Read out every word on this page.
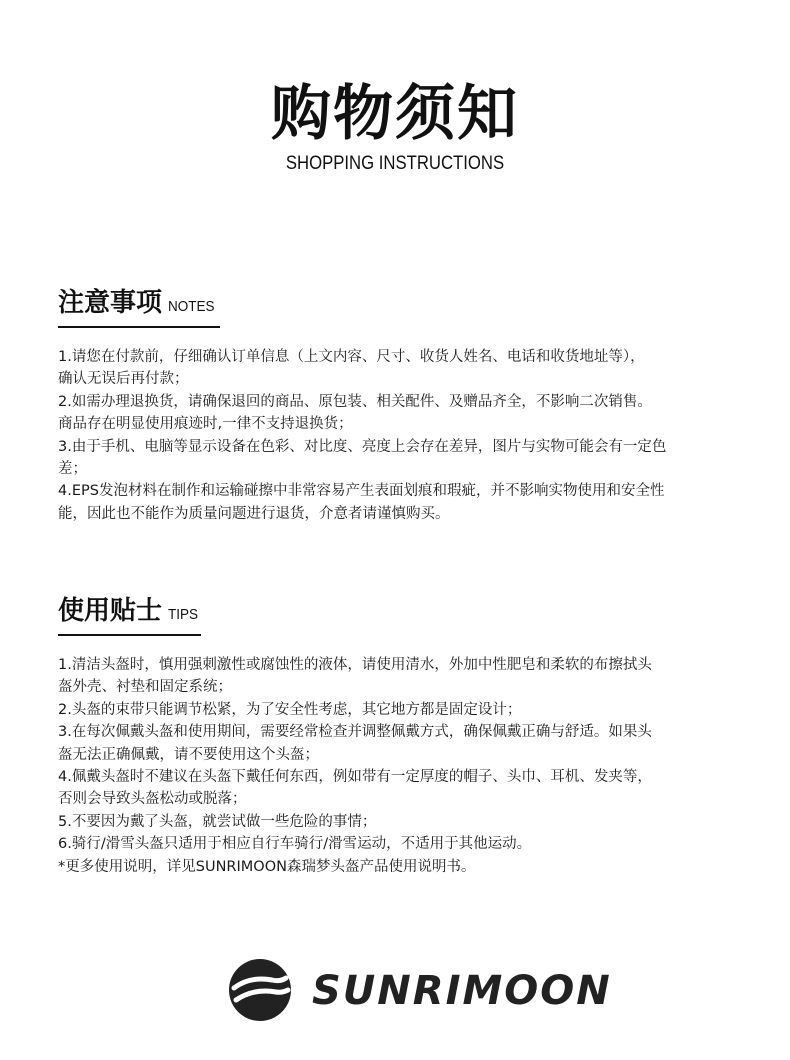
购物须知
SHOPPING INSTRUCTIONS
注意事项 NOTES

1.请您在付款前，仔细确认订单信息（上文内容、尺寸、收货人姓名、电话和收货地址等），

确认无误后再付款；

2.如需办理退换货，请确保退回的商品、原包装、相关配件、及赠品齐全，不影响二次销售。

商品存在明显使用痕迹时,一律不支持退换货；

3.由于手机、电脑等显示设备在色彩、对比度、亮度上会存在差异，图片与实物可能会有一定色

差；

4.EPS发泡材料在制作和运输碰擦中非常容易产生表面划痕和瑕疵，并不影响实物使用和安全性

能，因此也不能作为质量问题进行退货，介意者请谨慎购买。

使用贴士 TIPS

1.清洁头盔时，慎用强刺激性或腐蚀性的液体，请使用清水，外加中性肥皂和柔软的布擦拭头

盔外壳、衬垫和固定系统；

2.头盔的束带只能调节松紧，为了安全性考虑，其它地方都是固定设计；

3.在每次佩戴头盔和使用期间，需要经常检查并调整佩戴方式，确保佩戴正确与舒适。如果头

盔无法正确佩戴，请不要使用这个头盔；

4.佩戴头盔时不建议在头盔下戴任何东西，例如带有一定厚度的帽子、头巾、耳机、发夹等，

否则会导致头盔松动或脱落；

5.不要因为戴了头盔，就尝试做一些危险的事情；

6.骑行/滑雪头盔只适用于相应自行车骑行/滑雪运动，不适用于其他运动。

*更多使用说明，详见SUNRIMOON森瑞梦头盔产品使用说明书。

SUNRIMOON
